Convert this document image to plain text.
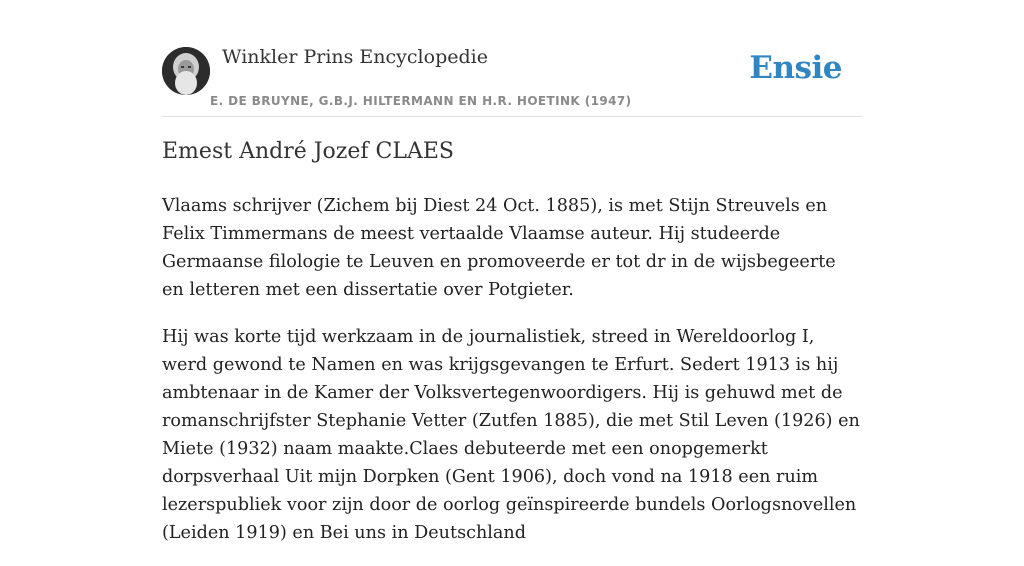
Winkler Prins Encyclopedie
E. DE BRUYNE, G.B.J. HILTERMANN EN H.R. HOETINK (1947)
Ensie
Emest André Jozef CLAES

Vlaams schrijver (Zichem bij Diest 24 Oct. 1885), is met Stijn Streuvels en Felix Timmermans de meest vertaalde Vlaamse auteur. Hij studeerde Germaanse filologie te Leuven en promoveerde er tot dr in de wijsbegeerte en letteren met een dissertatie over Potgieter.

Hij was korte tijd werkzaam in de journalistiek, streed in Wereldoorlog I, werd gewond te Namen en was krijgsgevangen te Erfurt. Sedert 1913 is hij ambtenaar in de Kamer der Volksvertegenwoordigers. Hij is gehuwd met de romanschrijfster Stephanie Vetter (Zutfen 1885), die met Stil Leven (1926) en Miete (1932) naam maakte.Claes debuteerde met een onopgemerkt dorpsverhaal Uit mijn Dorpken (Gent 1906), doch vond na 1918 een ruim lezerspubliek voor zijn door de oorlog geïnspireerde bundels Oorlogsnovellen (Leiden 1919) en Bei uns in Deutschland
